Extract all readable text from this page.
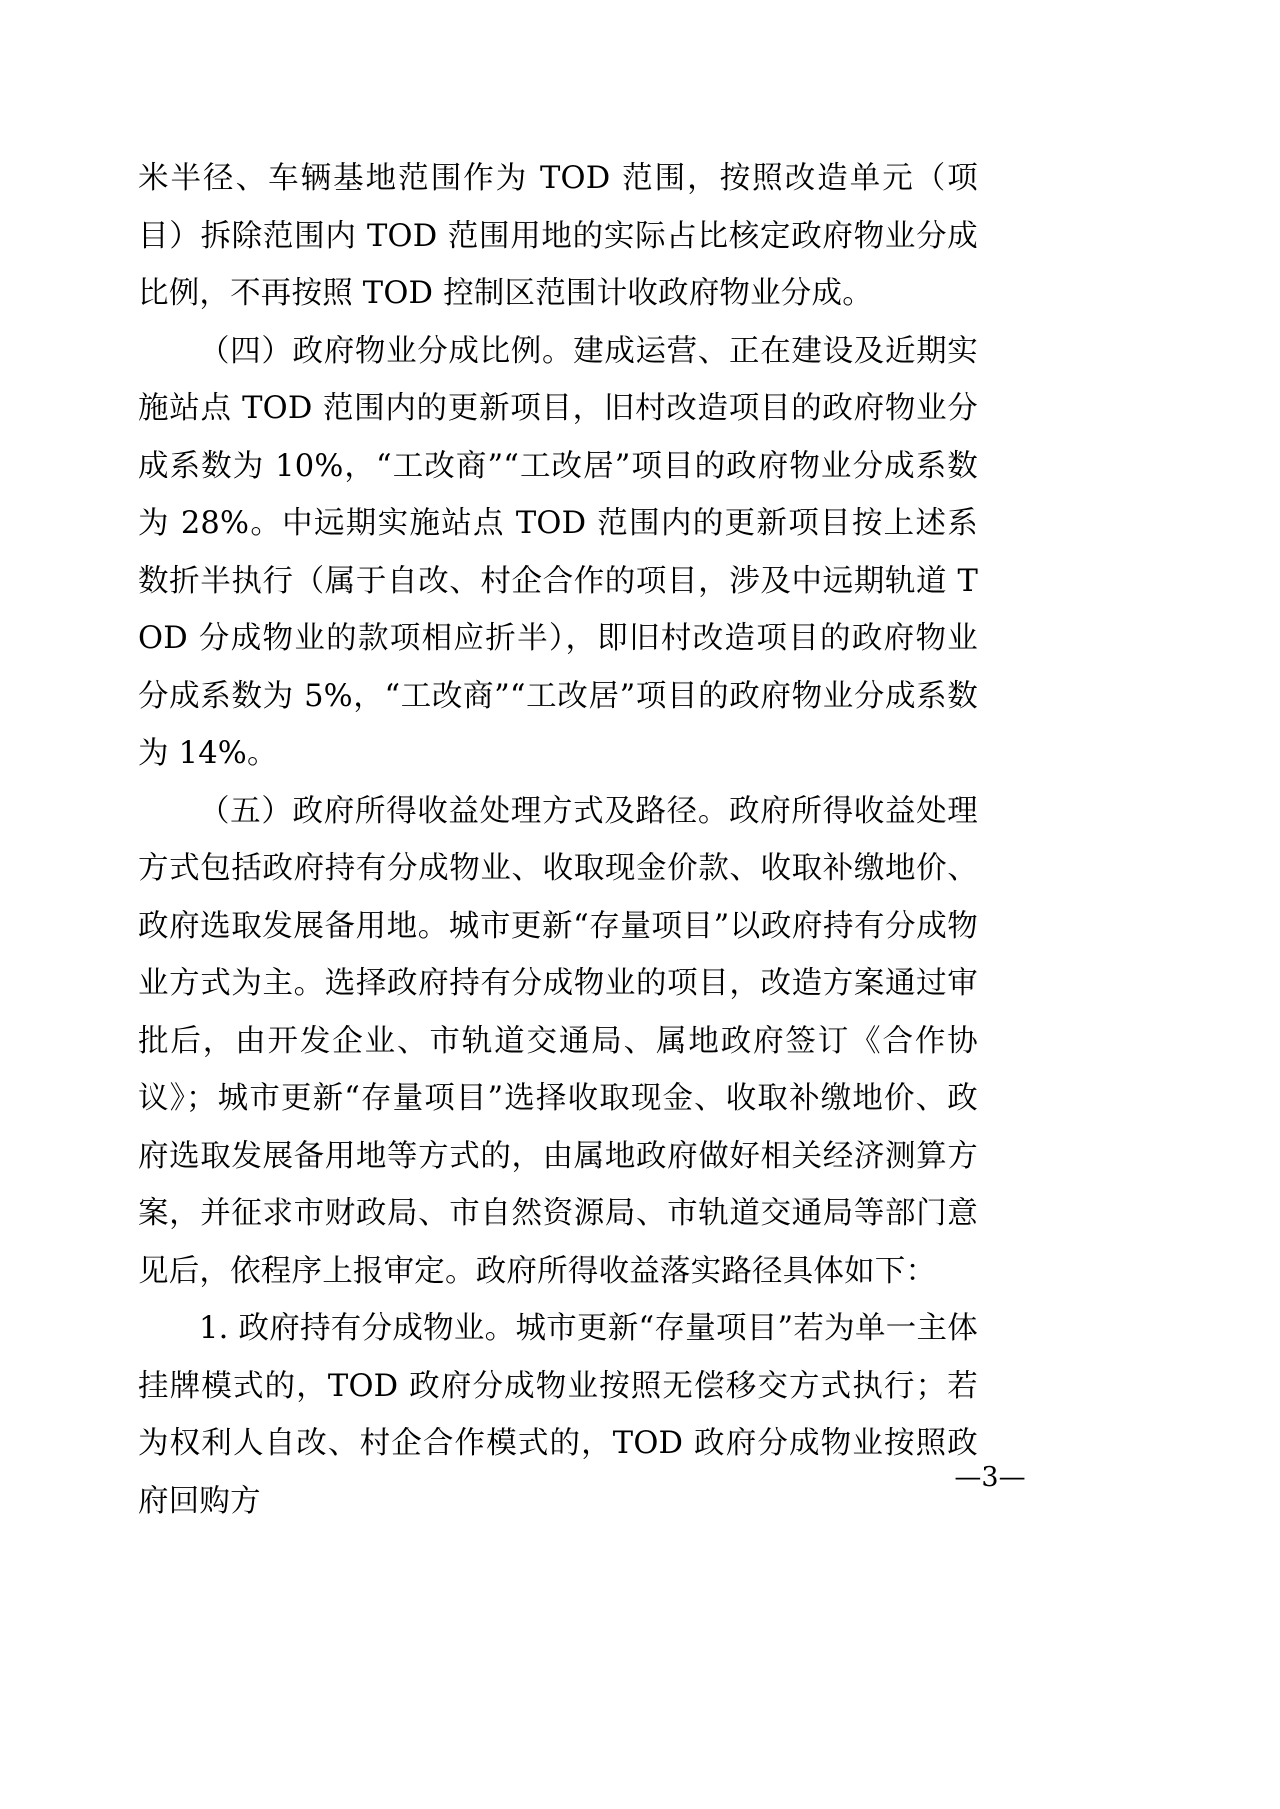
米半径、车辆基地范围作为 TOD 范围，按照改造单元（项目）拆除范围内 TOD 范围用地的实际占比核定政府物业分成比例，不再按照 TOD 控制区范围计收政府物业分成。

（四）政府物业分成比例。建成运营、正在建设及近期实施站点 TOD 范围内的更新项目，旧村改造项目的政府物业分成系数为 10%，“工改商”“工改居”项目的政府物业分成系数为 28%。中远期实施站点 TOD 范围内的更新项目按上述系数折半执行（属于自改、村企合作的项目，涉及中远期轨道 TOD 分成物业的款项相应折半），即旧村改造项目的政府物业分成系数为 5%，“工改商”“工改居”项目的政府物业分成系数为 14%。

（五）政府所得收益处理方式及路径。政府所得收益处理方式包括政府持有分成物业、收取现金价款、收取补缴地价、政府选取发展备用地。城市更新“存量项目”以政府持有分成物业方式为主。选择政府持有分成物业的项目，改造方案通过审批后，由开发企业、市轨道交通局、属地政府签订《合作协议》；城市更新“存量项目”选择收取现金、收取补缴地价、政府选取发展备用地等方式的，由属地政府做好相关经济测算方案，并征求市财政局、市自然资源局、市轨道交通局等部门意见后，依程序上报审定。政府所得收益落实路径具体如下：

1. 政府持有分成物业。城市更新“存量项目”若为单一主体挂牌模式的，TOD 政府分成物业按照无偿移交方式执行；若为权利人自改、村企合作模式的，TOD 政府分成物业按照政府回购方

—3—
